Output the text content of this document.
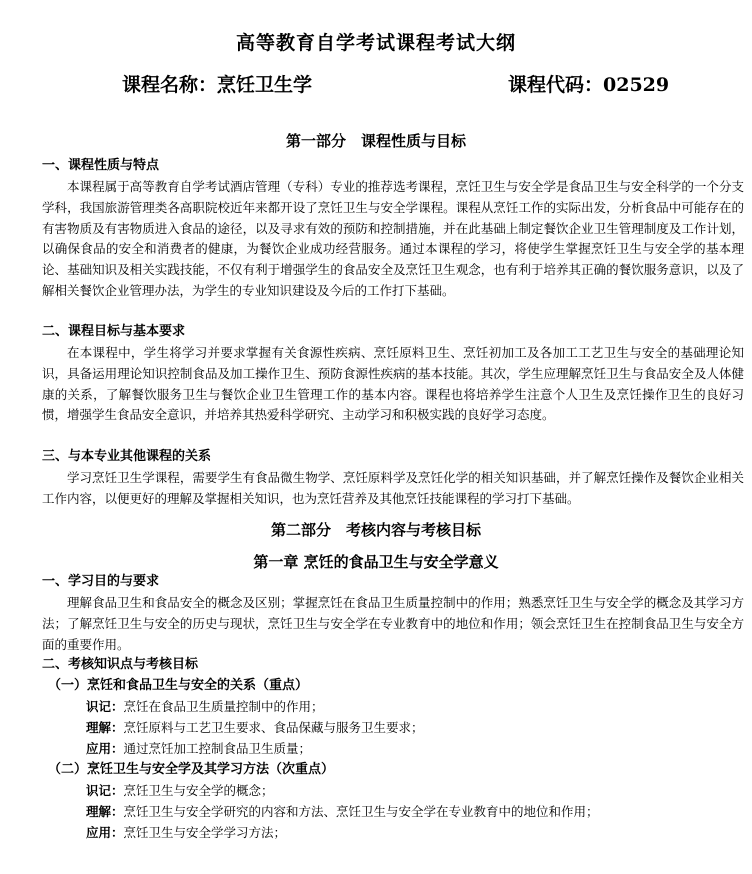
高等教育自学考试课程考试大纲
课程名称：烹饪卫生学	课程代码：02529
第一部分　课程性质与目标
一、课程性质与特点

本课程属于高等教育自学考试酒店管理（专科）专业的推荐选考课程，烹饪卫生与安全学是食品卫生与安全科学的一个分支学科，我国旅游管理类各高职院校近年来都开设了烹饪卫生与安全学课程。课程从烹饪工作的实际出发，分析食品中可能存在的有害物质及有害物质进入食品的途径，以及寻求有效的预防和控制措施，并在此基础上制定餐饮企业卫生管理制度及工作计划，以确保食品的安全和消费者的健康，为餐饮企业成功经营服务。通过本课程的学习，将使学生掌握烹饪卫生与安全学的基本理论、基础知识及相关实践技能，不仅有利于增强学生的食品安全及烹饪卫生观念，也有利于培养其正确的餐饮服务意识，以及了解相关餐饮企业管理办法，为学生的专业知识建设及今后的工作打下基础。

二、课程目标与基本要求

在本课程中，学生将学习并要求掌握有关食源性疾病、烹饪原料卫生、烹饪初加工及各加工工艺卫生与安全的基础理论知识，具备运用理论知识控制食品及加工操作卫生、预防食源性疾病的基本技能。其次，学生应理解烹饪卫生与食品安全及人体健康的关系，了解餐饮服务卫生与餐饮企业卫生管理工作的基本内容。课程也将培养学生注意个人卫生及烹饪操作卫生的良好习惯，增强学生食品安全意识，并培养其热爱科学研究、主动学习和积极实践的良好学习态度。

三、与本专业其他课程的关系

学习烹饪卫生学课程，需要学生有食品微生物学、烹饪原料学及烹饪化学的相关知识基础，并了解烹饪操作及餐饮企业相关工作内容，以便更好的理解及掌握相关知识，也为烹饪营养及其他烹饪技能课程的学习打下基础。

第二部分　考核内容与考核目标
第一章 烹饪的食品卫生与安全学意义
一、学习目的与要求

理解食品卫生和食品安全的概念及区别；掌握烹饪在食品卫生质量控制中的作用；熟悉烹饪卫生与安全学的概念及其学习方法；了解烹饪卫生与安全的历史与现状，烹饪卫生与安全学在专业教育中的地位和作用；领会烹饪卫生在控制食品卫生与安全方面的重要作用。

二、考核知识点与考核目标
（一）烹饪和食品卫生与安全的关系（重点）
识记：烹饪在食品卫生质量控制中的作用；
理解：烹饪原料与工艺卫生要求、食品保藏与服务卫生要求；
应用：通过烹饪加工控制食品卫生质量；
（二）烹饪卫生与安全学及其学习方法（次重点）
识记：烹饪卫生与安全学的概念；
理解：烹饪卫生与安全学研究的内容和方法、烹饪卫生与安全学在专业教育中的地位和作用；
应用：烹饪卫生与安全学学习方法；
